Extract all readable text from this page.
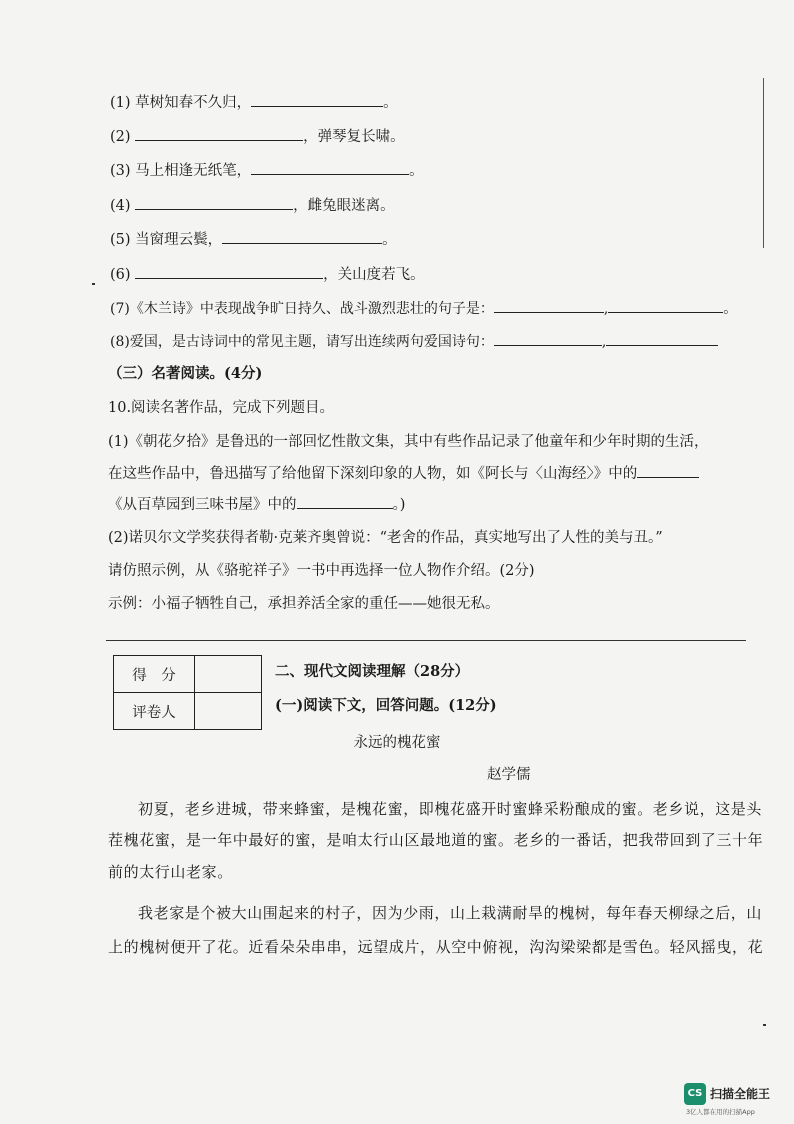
(1) 草树知春不久归，	。
(2)	，弹琴复长啸。
(3) 马上相逢无纸笔，	。
(4)	，雌兔眼迷离。
(5) 当窗理云鬓，	。
(6)	，关山度若飞。
(7)《木兰诗》中表现战争旷日持久、战斗激烈悲壮的句子是：	,	。
(8)爱国，是古诗词中的常见主题，请写出连续两句爱国诗句：	,
（三）名著阅读。(4分)
10.阅读名著作品，完成下列题目。
(1)《朝花夕拾》是鲁迅的一部回忆性散文集，其中有些作品记录了他童年和少年时期的生活，
在这些作品中，鲁迅描写了给他留下深刻印象的人物，如《阿长与〈山海经〉》中的
《从百草园到三味书屋》中的	。)
(2)诺贝尔文学奖获得者勒·克莱齐奥曾说：“老舍的作品，真实地写出了人性的美与丑。”
请仿照示例，从《骆驼祥子》一书中再选择一位人物作介绍。(2分)
示例：小福子牺牲自己，承担养活全家的重任——她很无私。
得　分	
评卷人	
二、现代文阅读理解（28分）
(一)阅读下文，回答问题。(12分)
永远的槐花蜜
赵学儒
初夏，老乡进城，带来蜂蜜，是槐花蜜，即槐花盛开时蜜蜂采粉酿成的蜜。老乡说，这是头
茬槐花蜜，是一年中最好的蜜，是咱太行山区最地道的蜜。老乡的一番话，把我带回到了三十年
前的太行山老家。
我老家是个被大山围起来的村子，因为少雨，山上栽满耐旱的槐树，每年春天柳绿之后，山
上的槐树便开了花。近看朵朵串串，远望成片，从空中俯视，沟沟梁梁都是雪色。轻风摇曳，花
CS 扫描全能王
3亿人都在用的扫描App
